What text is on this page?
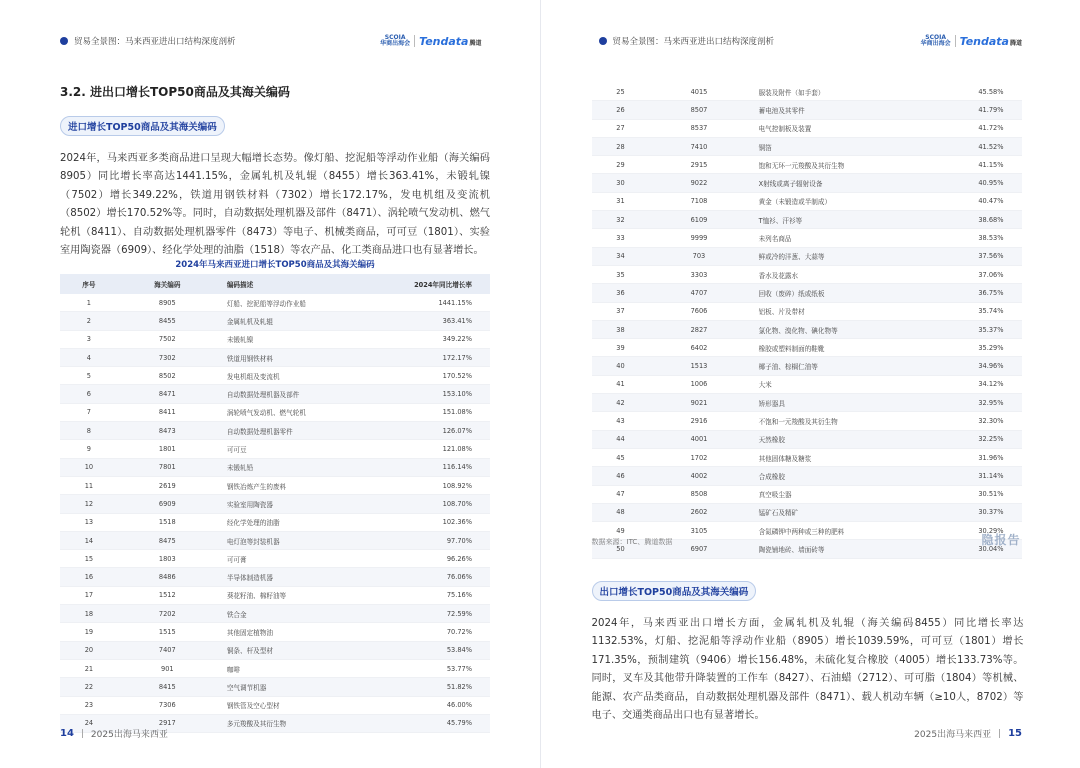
贸易全景图：马来西亚进出口结构深度剖析	SCOIA
华商出海会 Tendata腾道
3.2. 进出口增长TOP50商品及其海关编码
进口增长TOP50商品及其海关编码
2024年，马来西亚多类商品进口呈现大幅增长态势。像灯船、挖泥船等浮动作业船（海关编码8905）同比增长率高达1441.15%，金属轧机及轧辊（8455）增长363.41%，未锻轧镍（7502）增长349.22%，铁道用钢铁材料（7302）增长172.17%，发电机组及变流机（8502）增长170.52%等。同时，自动数据处理机器及部件（8471）、涡轮喷气发动机、燃气轮机（8411）、自动数据处理机器零件（8473）等电子、机械类商品，可可豆（1801）、实验室用陶瓷器（6909）、经化学处理的油脂（1518）等农产品、化工类商品进口也有显著增长。
2024年马来西亚进口增长TOP50商品及其海关编码
序号	海关编码	编码描述	2024年同比增长率
1	8905	灯船、挖泥船等浮动作业船	1441.15%
2	8455	金属轧机及轧辊	363.41%
3	7502	未锻轧镍	349.22%
4	7302	铁道用钢铁材料	172.17%
5	8502	发电机组及变流机	170.52%
6	8471	自动数据处理机器及部件	153.10%
7	8411	涡轮喷气发动机、燃气轮机	151.08%
8	8473	自动数据处理机器零件	126.07%
9	1801	可可豆	121.08%
10	7801	未锻轧铅	116.14%
11	2619	钢铁冶炼产生的废料	108.92%
12	6909	实验室用陶瓷器	108.70%
13	1518	经化学处理的油脂	102.36%
14	8475	电灯泡等封装机器	97.70%
15	1803	可可膏	96.26%
16	8486	半导体制造机器	76.06%
17	1512	葵花籽油、棉籽油等	75.16%
18	7202	铁合金	72.59%
19	1515	其他固定植物油	70.72%
20	7407	铜条、杆及型材	53.84%
21	901	咖啡	53.77%
22	8415	空气调节机器	51.82%
23	7306	钢铁管及空心型材	46.00%
24	2917	多元羧酸及其衍生物	45.79%
14 2025出海马来西亚
贸易全景图：马来西亚进出口结构深度剖析	SCOIA
华商出海会 Tendata腾道
25	4015	服装及附件（如手套）	45.58%
26	8507	蓄电池及其零件	41.79%
27	8537	电气控制板及装置	41.72%
28	7410	铜箔	41.52%
29	2915	饱和无环一元羧酸及其衍生物	41.15%
30	9022	X射线或离子辐射设备	40.95%
31	7108	黄金（未锻造或半制成）	40.47%
32	6109	T恤衫、汗衫等	38.68%
33	9999	未列名商品	38.53%
34	703	鲜或冷的洋葱、大蒜等	37.56%
35	3303	香水及花露水	37.06%
36	4707	回收（废碎）纸或纸板	36.75%
37	7606	铝板、片及带材	35.74%
38	2827	氯化物、溴化物、碘化物等	35.37%
39	6402	橡胶或塑料制面的鞋靴	35.29%
40	1513	椰子油、棕榈仁油等	34.96%
41	1006	大米	34.12%
42	9021	矫形器具	32.95%
43	2916	不饱和一元羧酸及其衍生物	32.30%
44	4001	天然橡胶	32.25%
45	1702	其他固体糖及糖浆	31.96%
46	4002	合成橡胶	31.14%
47	8508	真空吸尘器	30.51%
48	2602	锰矿石及精矿	30.37%
49	3105	含氮磷钾中两种或三种的肥料	30.29%
50	6907	陶瓷铺地砖、墙面砖等	30.04%
数据来源：ITC、腾道数据	隐报告
出口增长TOP50商品及其海关编码
2024年，马来西亚出口增长方面，金属轧机及轧辊（海关编码8455）同比增长率达1132.53%，灯船、挖泥船等浮动作业船（8905）增长1039.59%，可可豆（1801）增长171.35%，预制建筑（9406）增长156.48%，未硫化复合橡胶（4005）增长133.73%等。同时，叉车及其他带升降装置的工作车（8427）、石油蜡（2712）、可可脂（1804）等机械、能源、农产品类商品，自动数据处理机器及部件（8471）、载人机动车辆（≥10人，8702）等电子、交通类商品出口也有显著增长。
2025出海马来西亚 15
